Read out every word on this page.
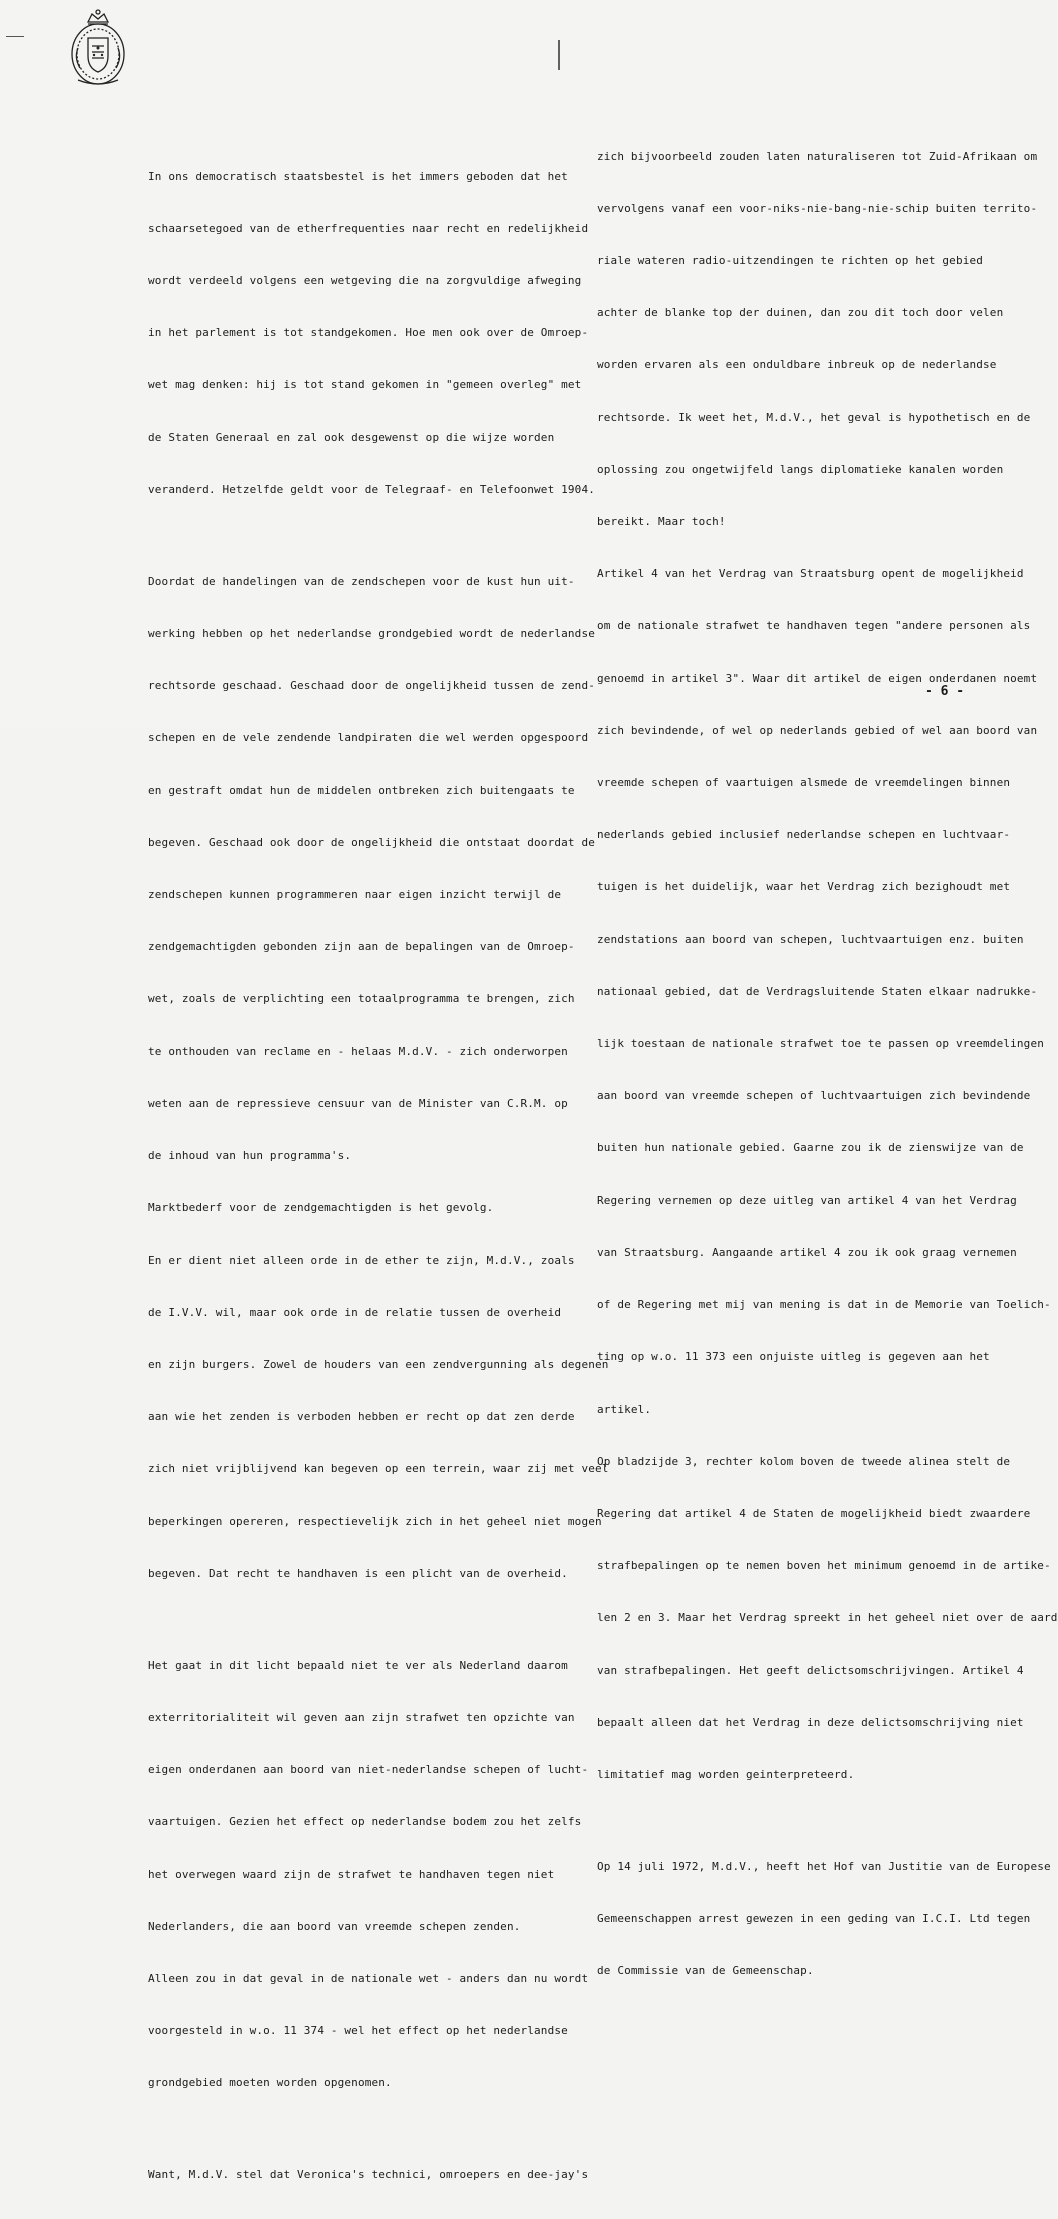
In ons democratisch staatsbestel is het immers geboden dat het

schaarsetegoed van de etherfrequenties naar recht en redelijkheid

wordt verdeeld volgens een wetgeving die na zorgvuldige afweging

in het parlement is tot standgekomen. Hoe men ook over de Omroep-

wet mag denken: hij is tot stand gekomen in "gemeen overleg" met

de Staten Generaal en zal ook desgewenst op die wijze worden

veranderd. Hetzelfde geldt voor de Telegraaf- en Telefoonwet 1904.

Doordat de handelingen van de zendschepen voor de kust hun uit-

werking hebben op het nederlandse grondgebied wordt de nederlandse

rechtsorde geschaad. Geschaad door de ongelijkheid tussen de zend-

schepen en de vele zendende landpiraten die wel werden opgespoord

en gestraft omdat hun de middelen ontbreken zich buitengaats te

begeven. Geschaad ook door de ongelijkheid die ontstaat doordat de

zendschepen kunnen programmeren naar eigen inzicht terwijl de

zendgemachtigden gebonden zijn aan de bepalingen van de Omroep-

wet, zoals de verplichting een totaalprogramma te brengen, zich

te onthouden van reclame en - helaas M.d.V. - zich onderworpen

weten aan de repressieve censuur van de Minister van C.R.M. op

de inhoud van hun programma's.

Marktbederf voor de zendgemachtigden is het gevolg.

En er dient niet alleen orde in de ether te zijn, M.d.V., zoals

de I.V.V. wil, maar ook orde in de relatie tussen de overheid

en zijn burgers. Zowel de houders van een zendvergunning als degenen

aan wie het zenden is verboden hebben er recht op dat zen derde

zich niet vrijblijvend kan begeven op een terrein, waar zij met veel

beperkingen opereren, respectievelijk zich in het geheel niet mogen

begeven. Dat recht te handhaven is een plicht van de overheid.

Het gaat in dit licht bepaald niet te ver als Nederland daarom

exterritorialiteit wil geven aan zijn strafwet ten opzichte van

eigen onderdanen aan boord van niet-nederlandse schepen of lucht-

vaartuigen. Gezien het effect op nederlandse bodem zou het zelfs

het overwegen waard zijn de strafwet te handhaven tegen niet

Nederlanders, die aan boord van vreemde schepen zenden.

Alleen zou in dat geval in de nationale wet - anders dan nu wordt

voorgesteld in w.o. 11 374 - wel het effect op het nederlandse

grondgebied moeten worden opgenomen.

Want, M.d.V. stel dat Veronica's technici, omroepers en dee-jay's

zich bijvoorbeeld zouden laten naturaliseren tot Zuid-Afrikaan om

vervolgens vanaf een voor-niks-nie-bang-nie-schip buiten territo-

riale wateren radio-uitzendingen te richten op het gebied

achter de blanke top der duinen, dan zou dit toch door velen

worden ervaren als een onduldbare inbreuk op de nederlandse

rechtsorde. Ik weet het, M.d.V., het geval is hypothetisch en de

oplossing zou ongetwijfeld langs diplomatieke kanalen worden

bereikt. Maar toch!

Artikel 4 van het Verdrag van Straatsburg opent de mogelijkheid

om de nationale strafwet te handhaven tegen "andere personen als

genoemd in artikel 3". Waar dit artikel de eigen onderdanen noemt

zich bevindende, of wel op nederlands gebied of wel aan boord van

vreemde schepen of vaartuigen alsmede de vreemdelingen binnen

nederlands gebied inclusief nederlandse schepen en luchtvaar-

tuigen is het duidelijk, waar het Verdrag zich bezighoudt met

zendstations aan boord van schepen, luchtvaartuigen enz. buiten

nationaal gebied, dat de Verdragsluitende Staten elkaar nadrukke-

lijk toestaan de nationale strafwet toe te passen op vreemdelingen

aan boord van vreemde schepen of luchtvaartuigen zich bevindende

buiten hun nationale gebied. Gaarne zou ik de zienswijze van de

Regering vernemen op deze uitleg van artikel 4 van het Verdrag

van Straatsburg. Aangaande artikel 4 zou ik ook graag vernemen

of de Regering met mij van mening is dat in de Memorie van Toelich-

ting op w.o. 11 373 een onjuiste uitleg is gegeven aan het

artikel.

Op bladzijde 3, rechter kolom boven de tweede alinea stelt de

Regering dat artikel 4 de Staten de mogelijkheid biedt zwaardere

strafbepalingen op te nemen boven het minimum genoemd in de artike-

len 2 en 3. Maar het Verdrag spreekt in het geheel niet over de aard

van strafbepalingen. Het geeft delictsomschrijvingen. Artikel 4

bepaalt alleen dat het Verdrag in deze delictsomschrijving niet

limitatief mag worden geinterpreteerd.

Op 14 juli 1972, M.d.V., heeft het Hof van Justitie van de Europese

Gemeenschappen arrest gewezen in een geding van I.C.I. Ltd tegen

de Commissie van de Gemeenschap.

- 6 -
